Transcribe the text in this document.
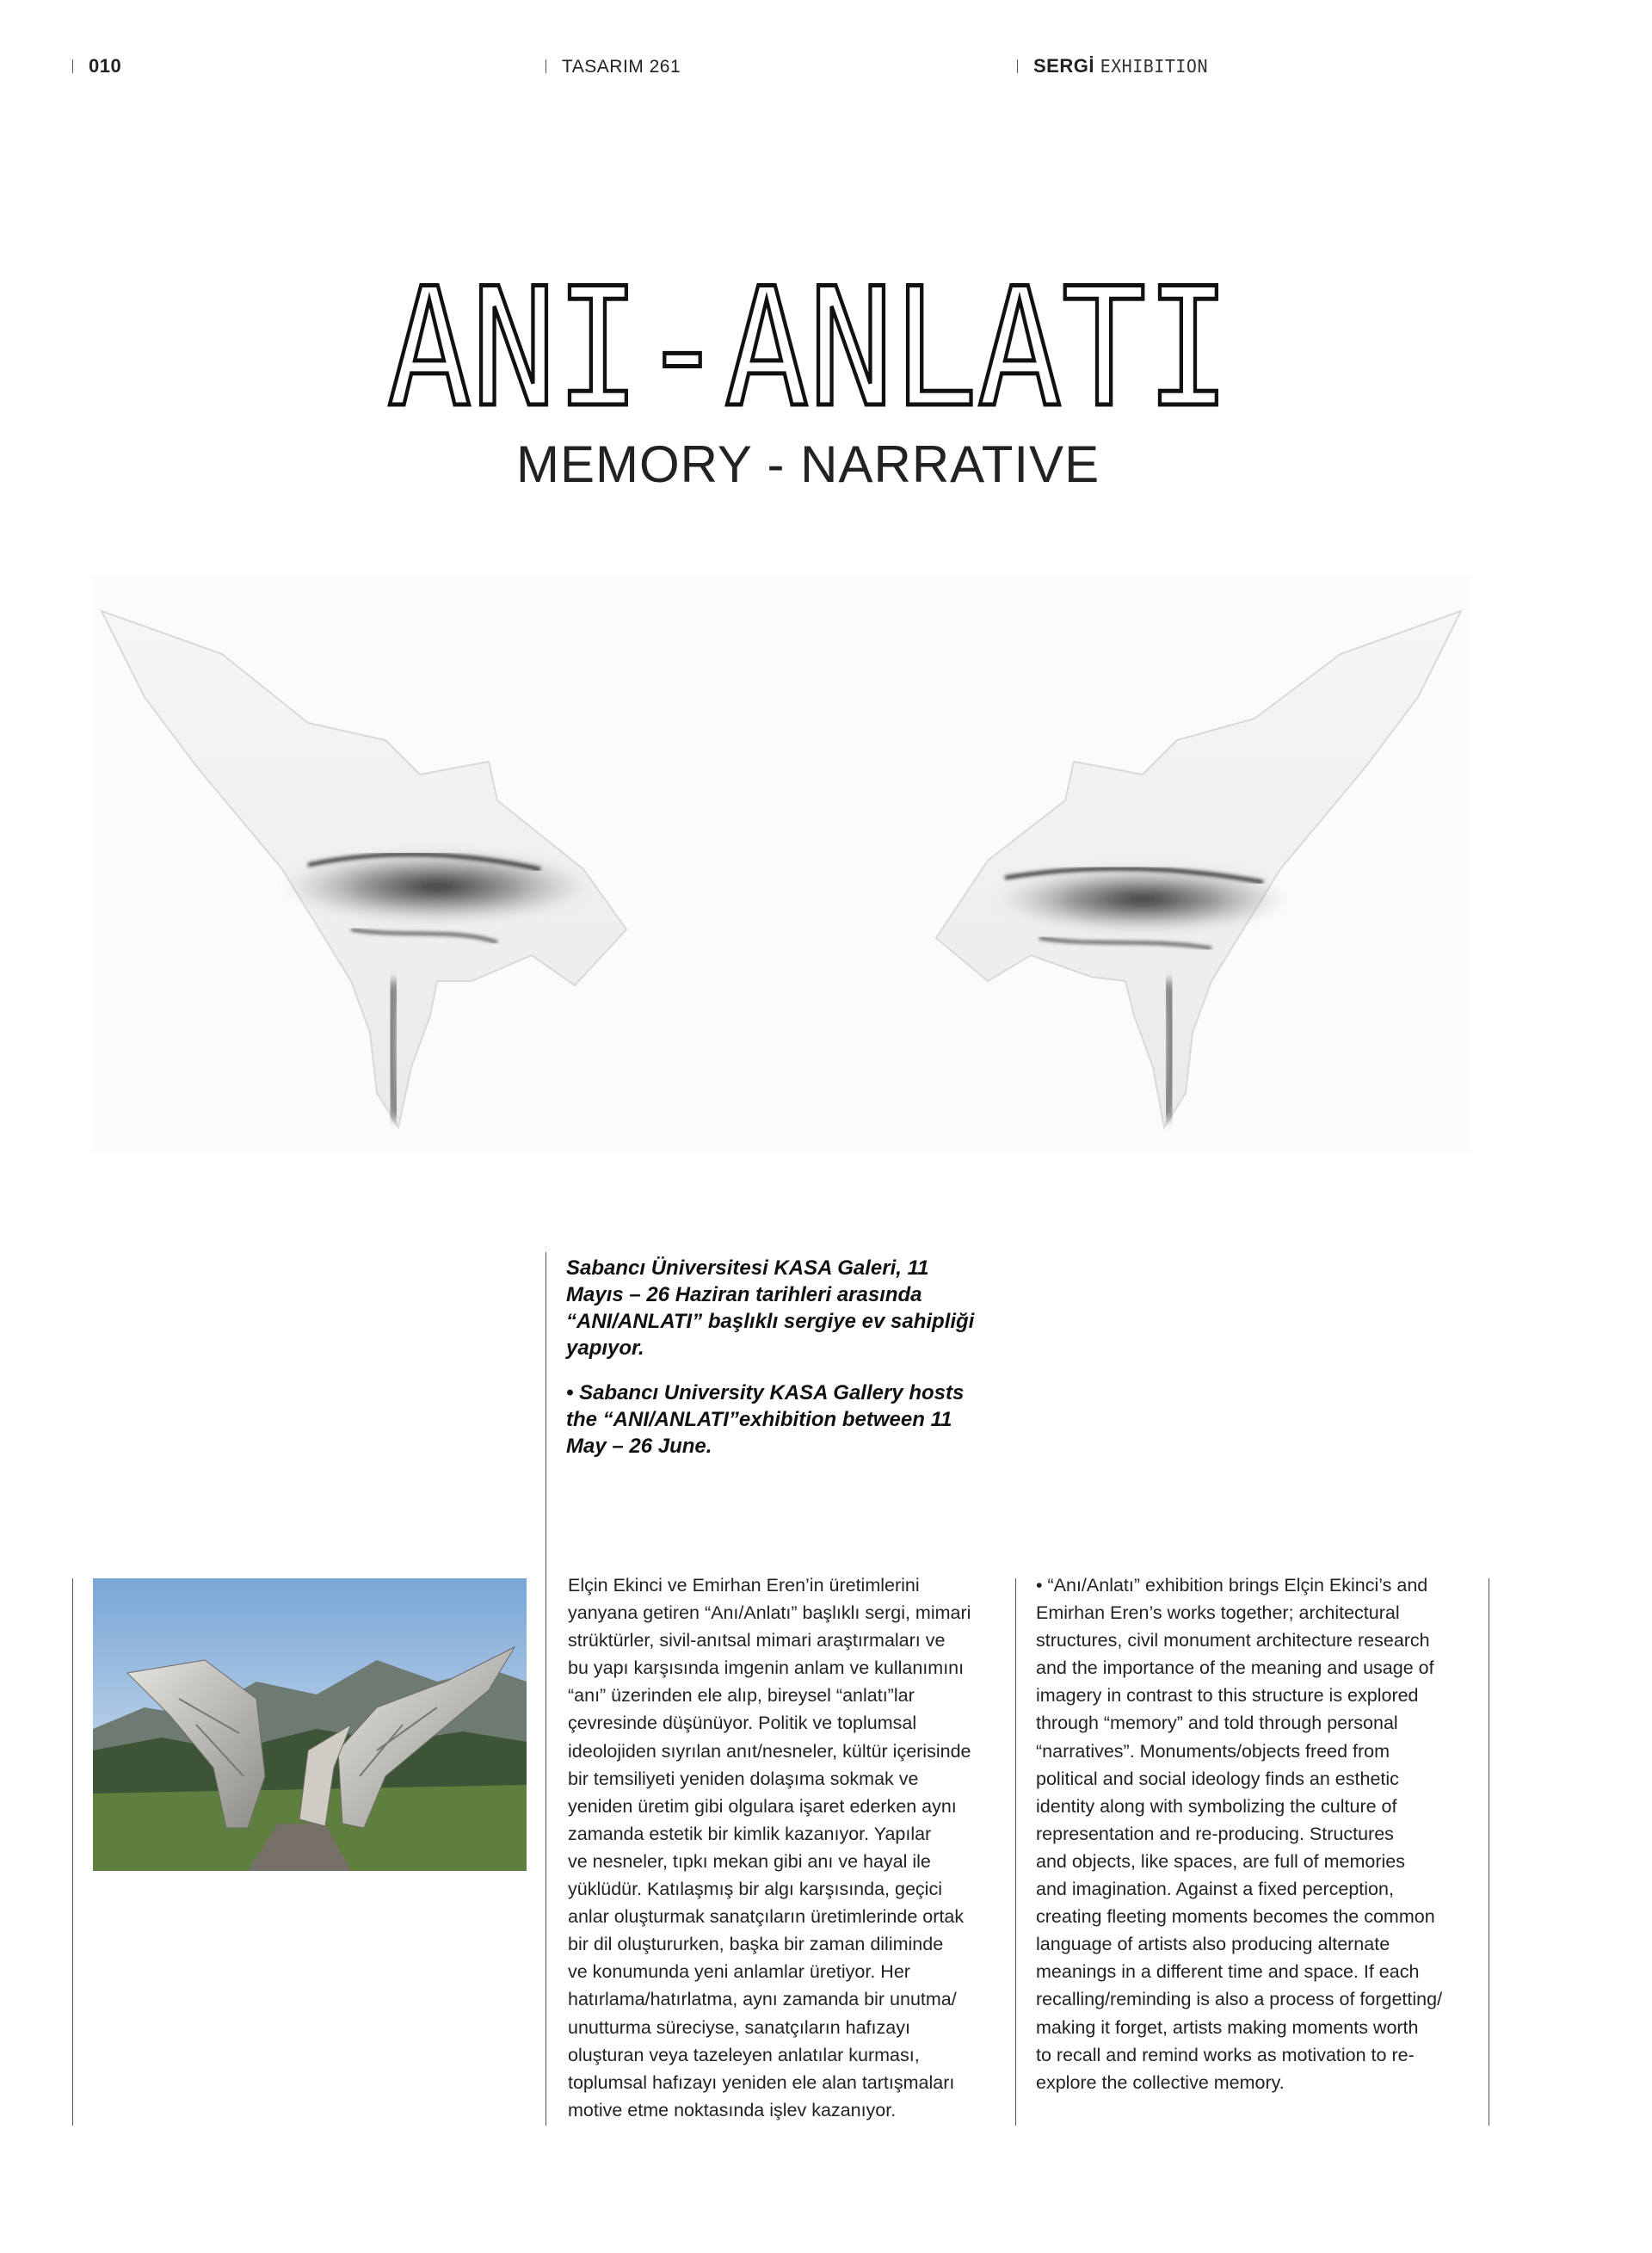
010	TASARIM 261	SERGİ EXHIBITION
ANI-ANLATI
MEMORY - NARRATIVE
Sabancı Üniversitesi KASA Galeri, 11
Mayıs – 26 Haziran tarihleri arasında
“ANI/ANLATI” başlıklı sergiye ev sahipliği
yapıyor.
• Sabancı University KASA Gallery hosts
the “ANI/ANLATI”exhibition between 11
May – 26 June.

Elçin Ekinci ve Emirhan Eren’in üretimlerini

yanyana getiren “Anı/Anlatı” başlıklı sergi, mimari

strüktürler, sivil-anıtsal mimari araştırmaları ve

bu yapı karşısında imgenin anlam ve kullanımını

“anı” üzerinden ele alıp, bireysel “anlatı”lar

çevresinde düşünüyor. Politik ve toplumsal

ideolojiden sıyrılan anıt/nesneler, kültür içerisinde

bir temsiliyeti yeniden dolaşıma sokmak ve

yeniden üretim gibi olgulara işaret ederken aynı

zamanda estetik bir kimlik kazanıyor. Yapılar

ve nesneler, tıpkı mekan gibi anı ve hayal ile

yüklüdür. Katılaşmış bir algı karşısında, geçici

anlar oluşturmak sanatçıların üretimlerinde ortak

bir dil oluştururken, başka bir zaman diliminde

ve konumunda yeni anlamlar üretiyor. Her

hatırlama/hatırlatma, aynı zamanda bir unutma/

unutturma süreciyse, sanatçıların hafızayı

oluşturan veya tazeleyen anlatılar kurması,

toplumsal hafızayı yeniden ele alan tartışmaları

motive etme noktasında işlev kazanıyor.

• “Anı/Anlatı” exhibition brings Elçin Ekinci’s and

Emirhan Eren’s works together; architectural

structures, civil monument architecture research

and the importance of the meaning and usage of

imagery in contrast to this structure is explored

through “memory” and told through personal

“narratives”. Monuments/objects freed from

political and social ideology finds an esthetic

identity along with symbolizing the culture of

representation and re-producing. Structures

and objects, like spaces, are full of memories

and imagination. Against a fixed perception,

creating fleeting moments becomes the common

language of artists also producing alternate

meanings in a different time and space. If each

recalling/reminding is also a process of forgetting/

making it forget, artists making moments worth

to recall and remind works as motivation to re-

explore the collective memory.
